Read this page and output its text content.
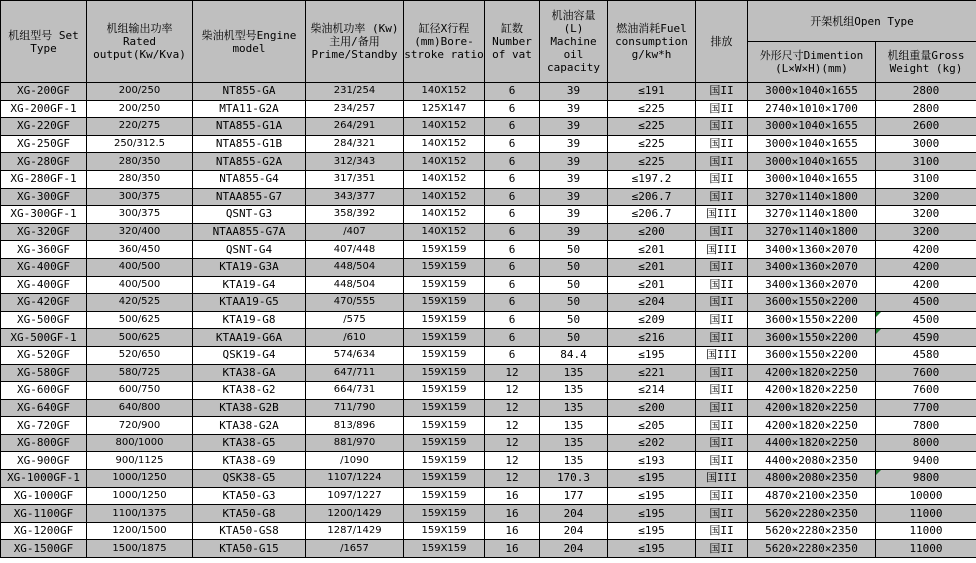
机组型号 Set Type	机组输出功率 Rated output(Kw/Kva)	柴油机型号Engine model	柴油机功率 (Kw)主用/备用 Prime/Standby	缸径X行程 (mm)Bore-stroke ratio	缸数 Number of vat	机油容量 (L) Machine oil capacity	燃油消耗Fuel consumption g/kw*h	排放	开架机组Open Type	
									外形尺寸Dimention (L×W×H)(mm)	机组重量Gross Weight (kg)
XG-200GF	200/250	NT855-GA	231/254	140X152	6	39	≤191	国II	3000×1040×1655	2800
XG-200GF-1	200/250	MTA11-G2A	234/257	125X147	6	39	≤225	国II	2740×1010×1700	2800
XG-220GF	220/275	NTA855-G1A	264/291	140X152	6	39	≤225	国II	3000×1040×1655	2600
XG-250GF	250/312.5	NTA855-G1B	284/321	140X152	6	39	≤225	国II	3000×1040×1655	3000
XG-280GF	280/350	NTA855-G2A	312/343	140X152	6	39	≤225	国II	3000×1040×1655	3100
XG-280GF-1	280/350	NTA855-G4	317/351	140X152	6	39	≤197.2	国II	3000×1040×1655	3100
XG-300GF	300/375	NTAA855-G7	343/377	140X152	6	39	≤206.7	国II	3270×1140×1800	3200
XG-300GF-1	300/375	QSNT-G3	358/392	140X152	6	39	≤206.7	国III	3270×1140×1800	3200
XG-320GF	320/400	NTAA855-G7A	/407	140X152	6	39	≤200	国II	3270×1140×1800	3200
XG-360GF	360/450	QSNT-G4	407/448	159X159	6	50	≤201	国III	3400×1360×2070	4200
XG-400GF	400/500	KTA19-G3A	448/504	159X159	6	50	≤201	国II	3400×1360×2070	4200
XG-400GF	400/500	KTA19-G4	448/504	159X159	6	50	≤201	国II	3400×1360×2070	4200
XG-420GF	420/525	KTAA19-G5	470/555	159X159	6	50	≤204	国II	3600×1550×2200	4500
XG-500GF	500/625	KTA19-G8	/575	159X159	6	50	≤209	国II	3600×1550×2200	4500
XG-500GF-1	500/625	KTAA19-G6A	/610	159X159	6	50	≤216	国II	3600×1550×2200	4590
XG-520GF	520/650	QSK19-G4	574/634	159X159	6	84.4	≤195	国III	3600×1550×2200	4580
XG-580GF	580/725	KTA38-GA	647/711	159X159	12	135	≤221	国II	4200×1820×2250	7600
XG-600GF	600/750	KTA38-G2	664/731	159X159	12	135	≤214	国II	4200×1820×2250	7600
XG-640GF	640/800	KTA38-G2B	711/790	159X159	12	135	≤200	国II	4200×1820×2250	7700
XG-720GF	720/900	KTA38-G2A	813/896	159X159	12	135	≤205	国II	4200×1820×2250	7800
XG-800GF	800/1000	KTA38-G5	881/970	159X159	12	135	≤202	国II	4400×1820×2250	8000
XG-900GF	900/1125	KTA38-G9	/1090	159X159	12	135	≤193	国II	4400×2080×2350	9400
XG-1000GF-1	1000/1250	QSK38-G5	1107/1224	159X159	12	170.3	≤195	国III	4800×2080×2350	9800
XG-1000GF	1000/1250	KTA50-G3	1097/1227	159X159	16	177	≤195	国II	4870×2100×2350	10000
XG-1100GF	1100/1375	KTA50-G8	1200/1429	159X159	16	204	≤195	国II	5620×2280×2350	11000
XG-1200GF	1200/1500	KTA50-GS8	1287/1429	159X159	16	204	≤195	国II	5620×2280×2350	11000
XG-1500GF	1500/1875	KTA50-G15	/1657	159X159	16	204	≤195	国II	5620×2280×2350	11000
